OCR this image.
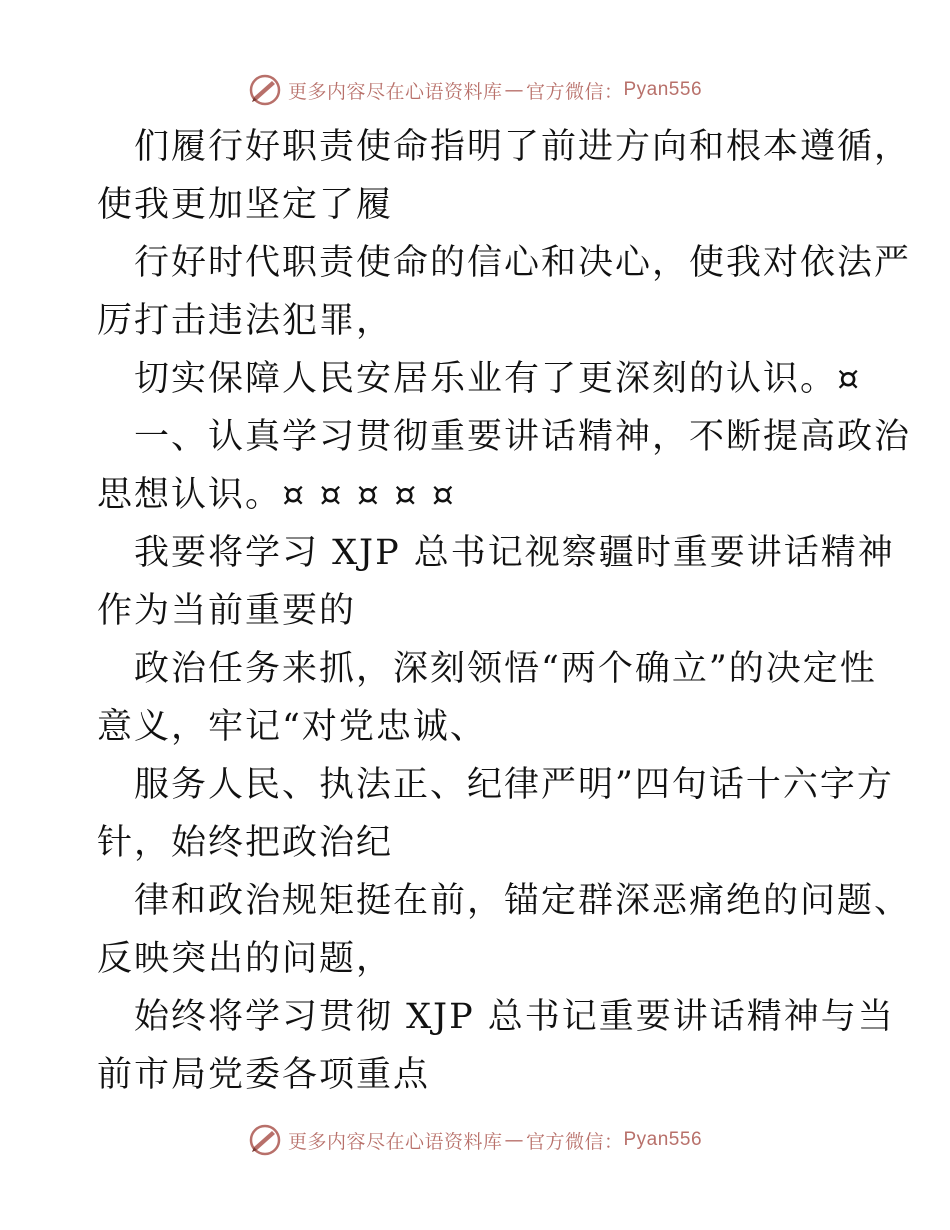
更多内容尽在心语资料库 — 官方微信： Pyan556

们履行好职责使命指明了前进方向和根本遵循，
使我更加坚定了履

行好时代职责使命的信心和决心，使我对依法严
厉打击违法犯罪，

切实保障人民安居乐业有了更深刻的认识。¤

一、认真学习贯彻重要讲话精神，不断提高政治
思想认识。¤ ¤ ¤ ¤ ¤

我要将学习 XJP 总书记视察疆时重要讲话精神
作为当前重要的

政治任务来抓，深刻领悟“两个确立”的决定性
意义，牢记“对党忠诚、

服务人民、执法正、纪律严明”四句话十六字方
针，始终把政治纪

律和政治规矩挺在前，锚定群深恶痛绝的问题、
反映突出的问题，

始终将学习贯彻 XJP 总书记重要讲话精神与当
前市局党委各项重点

更多内容尽在心语资料库 — 官方微信： Pyan556
